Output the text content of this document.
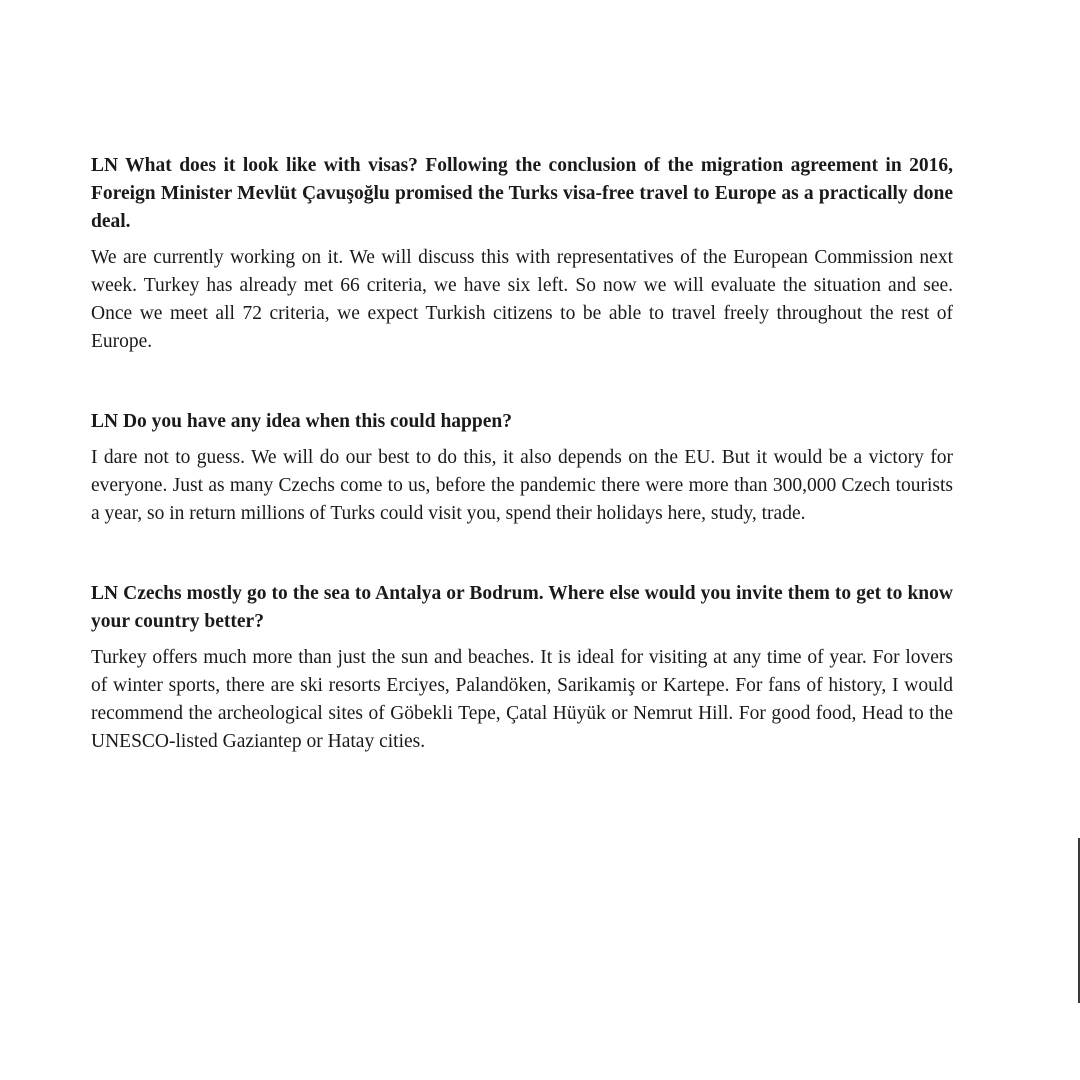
LN What does it look like with visas? Following the conclusion of the migration agreement in 2016, Foreign Minister Mevlüt Çavuşoğlu promised the Turks visa-free travel to Europe as a practically done deal.

We are currently working on it. We will discuss this with representatives of the European Commission next week. Turkey has already met 66 criteria, we have six left. So now we will evaluate the situation and see. Once we meet all 72 criteria, we expect Turkish citizens to be able to travel freely throughout the rest of Europe.

LN Do you have any idea when this could happen?

I dare not to guess. We will do our best to do this, it also depends on the EU. But it would be a victory for everyone. Just as many Czechs come to us, before the pandemic there were more than 300,000 Czech tourists a year, so in return millions of Turks could visit you, spend their holidays here, study, trade.

LN Czechs mostly go to the sea to Antalya or Bodrum. Where else would you invite them to get to know your country better?

Turkey offers much more than just the sun and beaches. It is ideal for visiting at any time of year. For lovers of winter sports, there are ski resorts Erciyes, Palandöken, Sarikamiş or Kartepe. For fans of history, I would recommend the archeological sites of Göbekli Tepe, Çatal Hüyük or Nemrut Hill. For good food, Head to the UNESCO-listed Gaziantep or Hatay cities.
